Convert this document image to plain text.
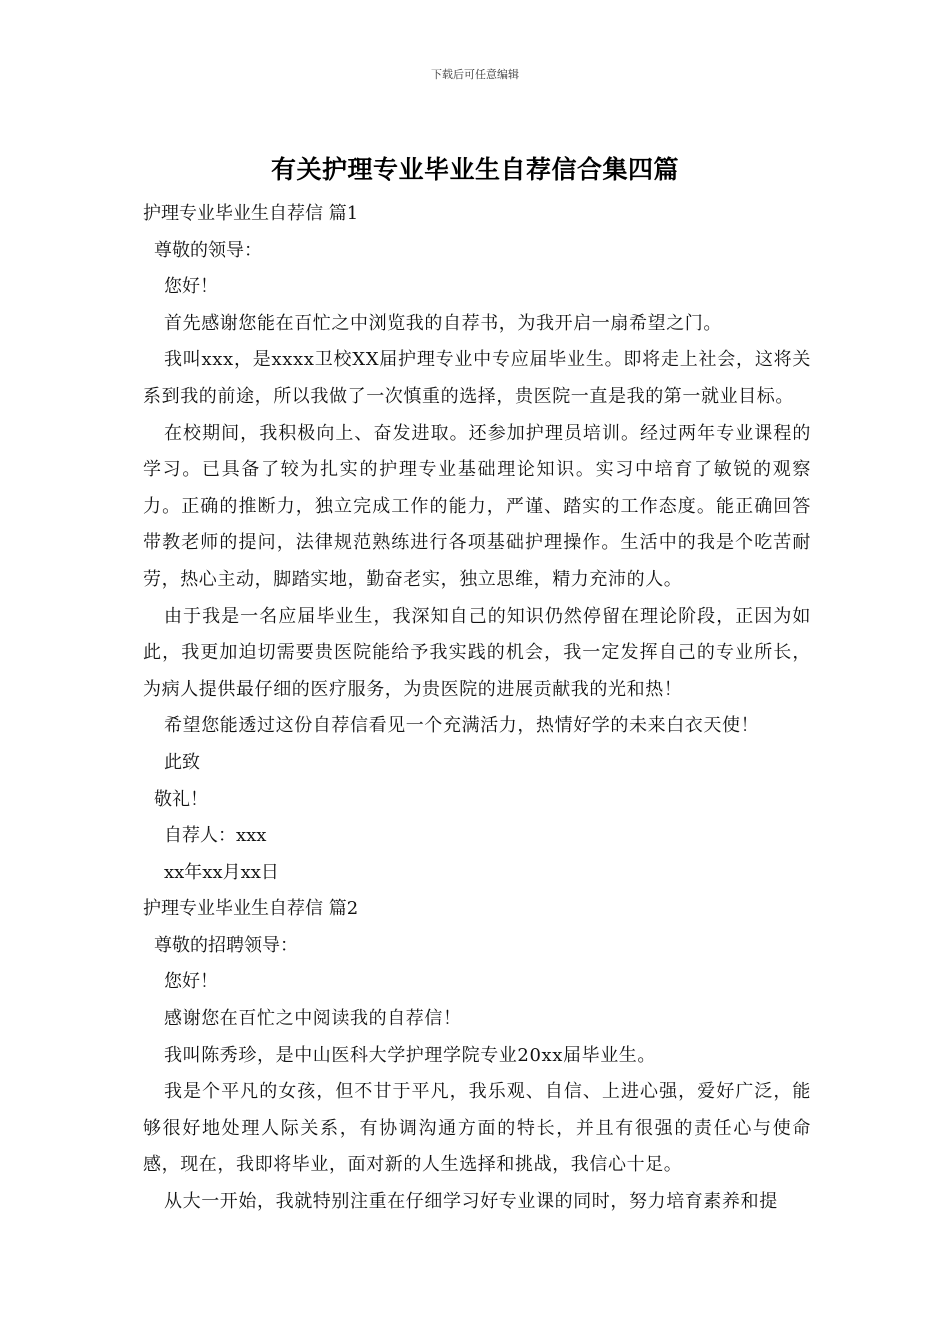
下载后可任意编辑
有关护理专业毕业生自荐信合集四篇
护理专业毕业生自荐信 篇1
尊敬的领导：
您好！
首先感谢您能在百忙之中浏览我的自荐书，为我开启一扇希望之门。
我叫xxx，是xxxx卫校XX届护理专业中专应届毕业生。即将走上社会，这将关系到我的前途，所以我做了一次慎重的选择，贵医院一直是我的第一就业目标。
在校期间，我积极向上、奋发进取。还参加护理员培训。经过两年专业课程的学习。已具备了较为扎实的护理专业基础理论知识。实习中培育了敏锐的观察力。正确的推断力，独立完成工作的能力，严谨、踏实的工作态度。能正确回答带教老师的提问，法律规范熟练进行各项基础护理操作。生活中的我是个吃苦耐劳，热心主动，脚踏实地，勤奋老实，独立思维，精力充沛的人。
由于我是一名应届毕业生，我深知自己的知识仍然停留在理论阶段，正因为如此，我更加迫切需要贵医院能给予我实践的机会，我一定发挥自己的专业所长，为病人提供最仔细的医疗服务，为贵医院的进展贡献我的光和热！
希望您能透过这份自荐信看见一个充满活力，热情好学的未来白衣天使！
此致
敬礼！
自荐人：xxx
xx年xx月xx日
护理专业毕业生自荐信 篇2
尊敬的招聘领导：
您好！
感谢您在百忙之中阅读我的自荐信！
我叫陈秀珍，是中山医科大学护理学院专业20xx届毕业生。
我是个平凡的女孩，但不甘于平凡，我乐观、自信、上进心强，爱好广泛，能够很好地处理人际关系，有协调沟通方面的特长，并且有很强的责任心与使命感，现在，我即将毕业，面对新的人生选择和挑战，我信心十足。
从大一开始，我就特别注重在仔细学习好专业课的同时，努力培育素养和提
